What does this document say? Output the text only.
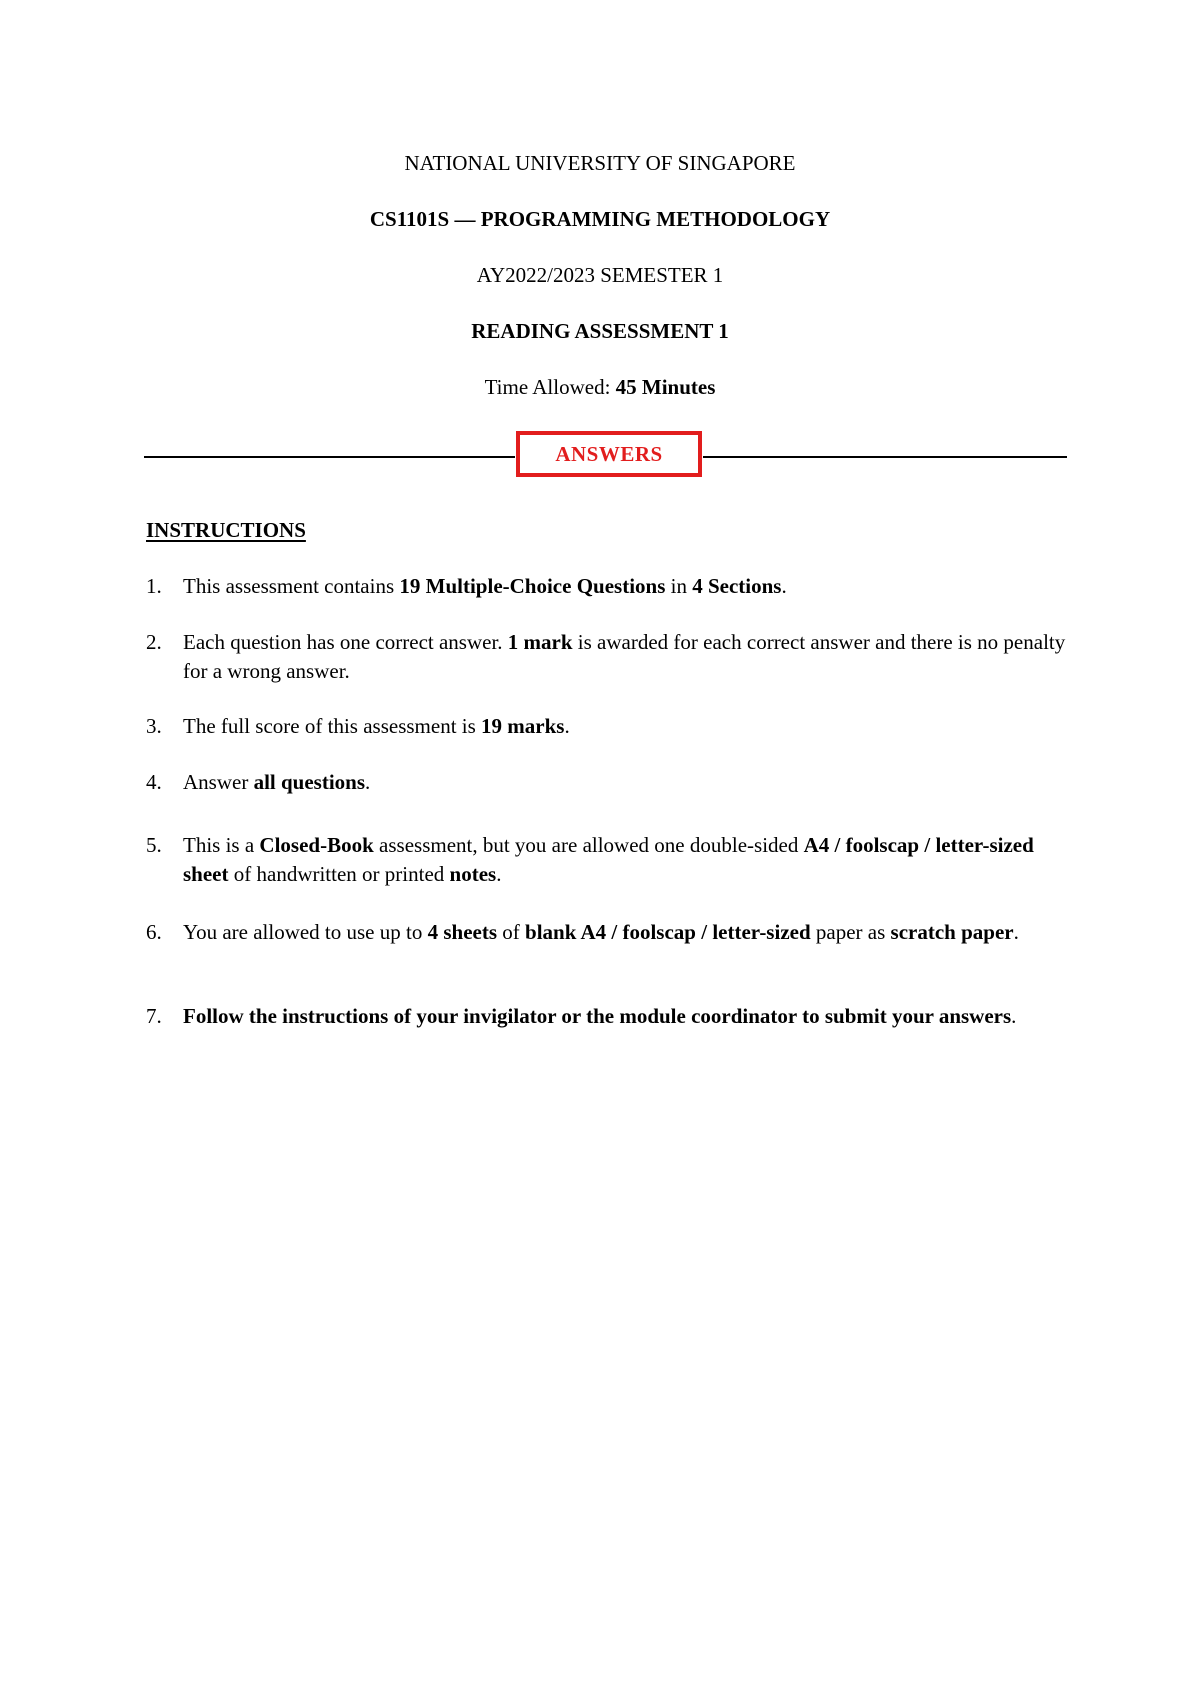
NATIONAL UNIVERSITY OF SINGAPORE
CS1101S — PROGRAMMING METHODOLOGY
AY2022/2023 SEMESTER 1
READING ASSESSMENT 1
Time Allowed: 45 Minutes
ANSWERS
INSTRUCTIONS
1.	This assessment contains 19 Multiple-Choice Questions in 4 Sections.
2.	Each question has one correct answer. 1 mark is awarded for each correct answer and there is no penalty for a wrong answer.
3.	The full score of this assessment is 19 marks.
4.	Answer all questions.
5.	This is a Closed-Book assessment, but you are allowed one double-sided A4 / foolscap / letter-sized sheet of handwritten or printed notes.
6.	You are allowed to use up to 4 sheets of blank A4 / foolscap / letter-sized paper as scratch paper.
7.	Follow the instructions of your invigilator or the module coordinator to submit your answers.
